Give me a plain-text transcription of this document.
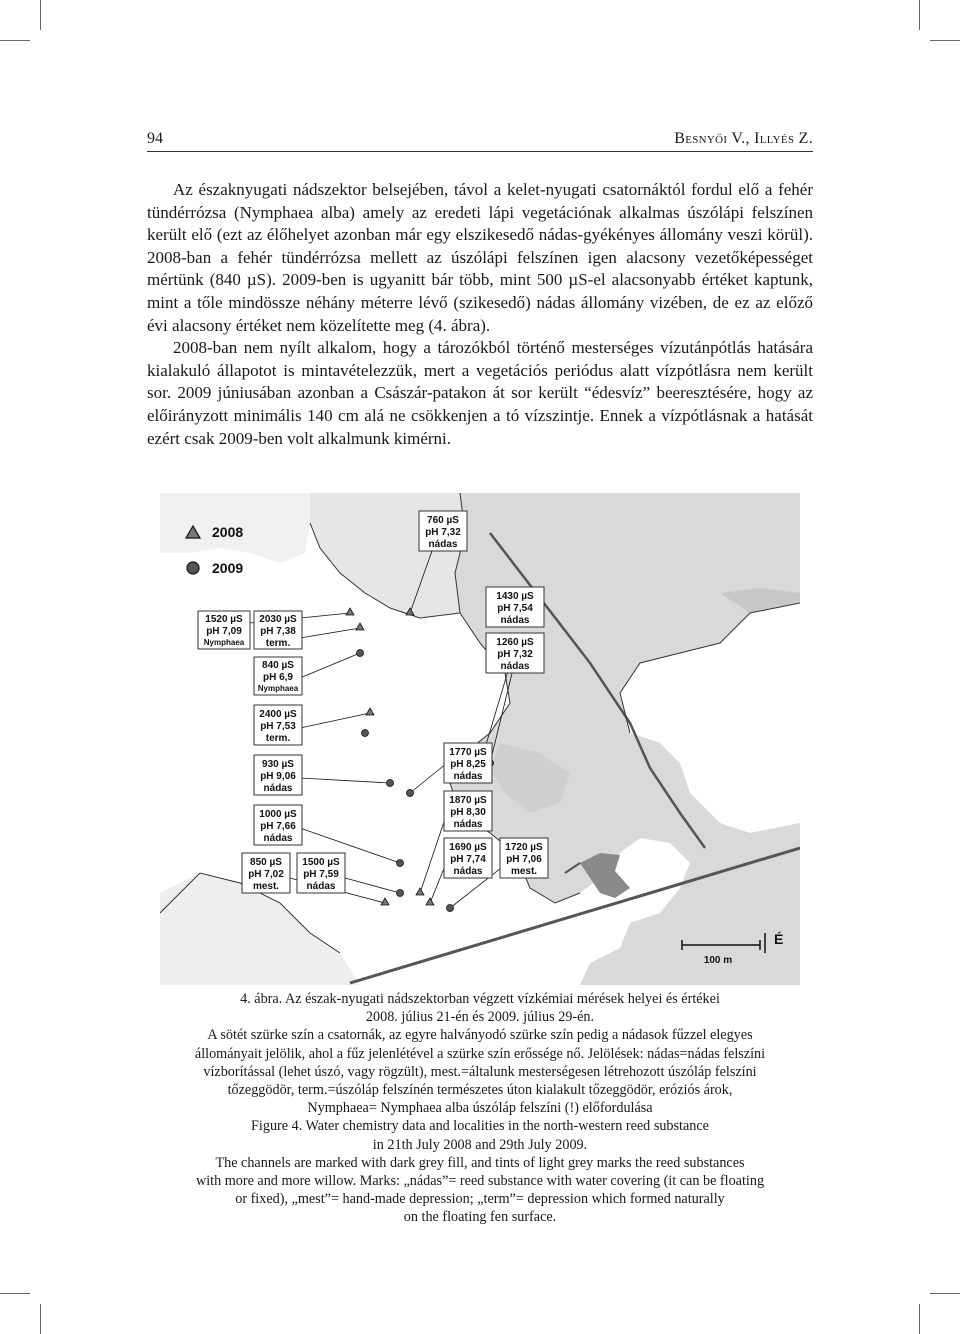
94	Besnyői V., Illyés Z.

Az északnyugati nádszektor belsejében, távol a kelet-nyugati csatornáktól fordul elő a fehér tündérrózsa (Nymphaea alba) amely az eredeti lápi vegetációnak alkalmas úszólápi felszínen került elő (ezt az élőhelyet azonban már egy elszikesedő nádas-gyékényes állomány veszi körül). 2008-ban a fehér tündérrózsa mellett az úszólápi felszínen igen alacsony vezetőképességet mértünk (840 µS). 2009-ben is ugyanitt bár több, mint 500 µS-el alacsonyabb értéket kaptunk, mint a tőle mindössze néhány méterre lévő (szikesedő) nádas állomány vizében, de ez az előző évi alacsony értéket nem közelítette meg (4. ábra).

2008-ban nem nyílt alkalom, hogy a tározókból történő mesterséges vízutánpótlás hatására kialakuló állapotot is mintavételezzük, mert a vegetációs periódus alatt vízpótlásra nem került sor. 2009 júniusában azonban a Császár-patakon át sor került “édesvíz” beeresztésére, hogy az előirányzott minimális 140 cm alá ne csökkenjen a tó vízszintje. Ennek a vízpótlásnak a hatását ezért csak 2009-ben volt alkalmunk kimérni.

2008
2009
760 µS
pH 7,32
nádas
1430 µS
pH 7,54
nádas
1260 µS
pH 7,32
nádas
1520 µS
pH 7,09
Nymphaea
2030 µS
pH 7,38
term.
840 µS
pH 6,9
Nymphaea
2400 µS
pH 7,53
term.
1770 µS
pH 8,25
nádas
930 µS
pH 9,06
nádas
1870 µS
pH 8,30
nádas
1000 µS
pH 7,66
nádas
1690 µS
pH 7,74
nádas
1720 µS
pH 7,06
mest.
850 µS
pH 7,02
mest.
1500 µS
pH 7,59
nádas
100 m
É
4. ábra. Az észak-nyugati nádszektorban végzett vízkémiai mérések helyei és értékei
2008. július 21-én és 2009. július 29-én.
A sötét szürke szín a csatornák, az egyre halványodó szürke szín pedig a nádasok fűzzel elegyes
állományait jelölik, ahol a fűz jelenlétével a szürke szín erőssége nő. Jelölések: nádas=nádas felszíni
vízborítással (lehet úszó, vagy rögzült), mest.=általunk mesterségesen létrehozott úszóláp felszíni
tőzeggödör, term.=úszóláp felszínén természetes úton kialakult tőzeggödör, eróziós árok,
Nymphaea= Nymphaea alba úszóláp felszíni (!) előfordulása
Figure 4. Water chemistry data and localities in the north-western reed substance
in 21th July 2008 and 29th July 2009.
The channels are marked with dark grey fill, and tints of light grey marks the reed substances
with more and more willow. Marks: „nádas”= reed substance with water covering (it can be floating
or fixed), „mest”= hand-made depression; „term”= depression which formed naturally
on the floating fen surface.
